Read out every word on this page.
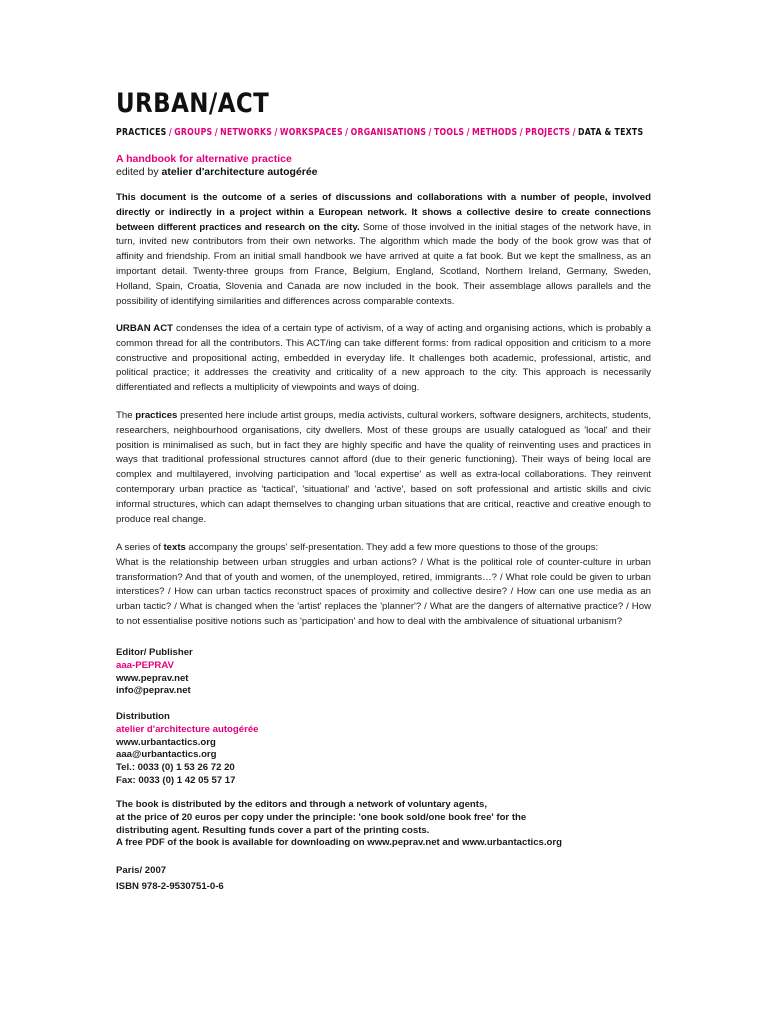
URBAN/ACT
PRACTICES / GROUPS / NETWORKS / WORKSPACES / ORGANISATIONS / TOOLS / METHODS / PROJECTS / DATA & TEXTS
A handbook for alternative practice
edited by atelier d'architecture autogérée

This document is the outcome of a series of discussions and collaborations with a number of people, involved directly or indirectly in a project within a European network. It shows a collective desire to create connections between different practices and research on the city. Some of those involved in the initial stages of the network have, in turn, invited new contributors from their own networks. The algorithm which made the body of the book grow was that of affinity and friendship. From an initial small handbook we have arrived at quite a fat book. But we kept the smallness, as an important detail. Twenty-three groups from France, Belgium, England, Scotland, Northern Ireland, Germany, Sweden, Holland, Spain, Croatia, Slovenia and Canada are now included in the book. Their assemblage allows parallels and the possibility of identifying similarities and differences across comparable contexts.

URBAN ACT condenses the idea of a certain type of activism, of a way of acting and organising actions, which is probably a common thread for all the contributors. This ACT/ing can take different forms: from radical opposition and criticism to a more constructive and propositional acting, embedded in everyday life. It challenges both academic, professional, artistic, and political practice; it addresses the creativity and criticality of a new approach to the city. This approach is necessarily differentiated and reflects a multiplicity of viewpoints and ways of doing.

The practices presented here include artist groups, media activists, cultural workers, software designers, architects, students, researchers, neighbourhood organisations, city dwellers. Most of these groups are usually catalogued as 'local' and their position is minimalised as such, but in fact they are highly specific and have the quality of reinventing uses and practices in ways that traditional professional structures cannot afford (due to their generic functioning). Their ways of being local are complex and multilayered, involving participation and 'local expertise' as well as extra-local collaborations. They reinvent contemporary urban practice as 'tactical', 'situational' and 'active', based on soft professional and artistic skills and civic informal structures, which can adapt themselves to changing urban situations that are critical, reactive and creative enough to produce real change.

A series of texts accompany the groups' self-presentation. They add a few more questions to those of the groups:
What is the relationship between urban struggles and urban actions? / What is the political role of counter-culture in urban transformation? And that of youth and women, of the unemployed, retired, immigrants…? / What role could be given to urban interstices? / How can urban tactics reconstruct spaces of proximity and collective desire? / How can one use media as an urban tactic? / What is changed when the 'artist' replaces the 'planner'? / What are the dangers of alternative practice? / How to not essentialise positive notions such as 'participation' and how to deal with the ambivalence of situational urbanism?

Editor/ Publisher
aaa-PEPRAV
www.peprav.net
info@peprav.net
Distribution
atelier d'architecture autogérée
www.urbantactics.org
aaa@urbantactics.org
Tel.: 0033 (0) 1 53 26 72 20
Fax: 0033 (0) 1 42 05 57 17
The book is distributed by the editors and through a network of voluntary agents,
at the price of 20 euros per copy under the principle: 'one book sold/one book free' for the
distributing agent. Resulting funds cover a part of the printing costs.
A free PDF of the book is available for downloading on www.peprav.net and www.urbantactics.org
Paris/ 2007
ISBN 978-2-9530751-0-6
